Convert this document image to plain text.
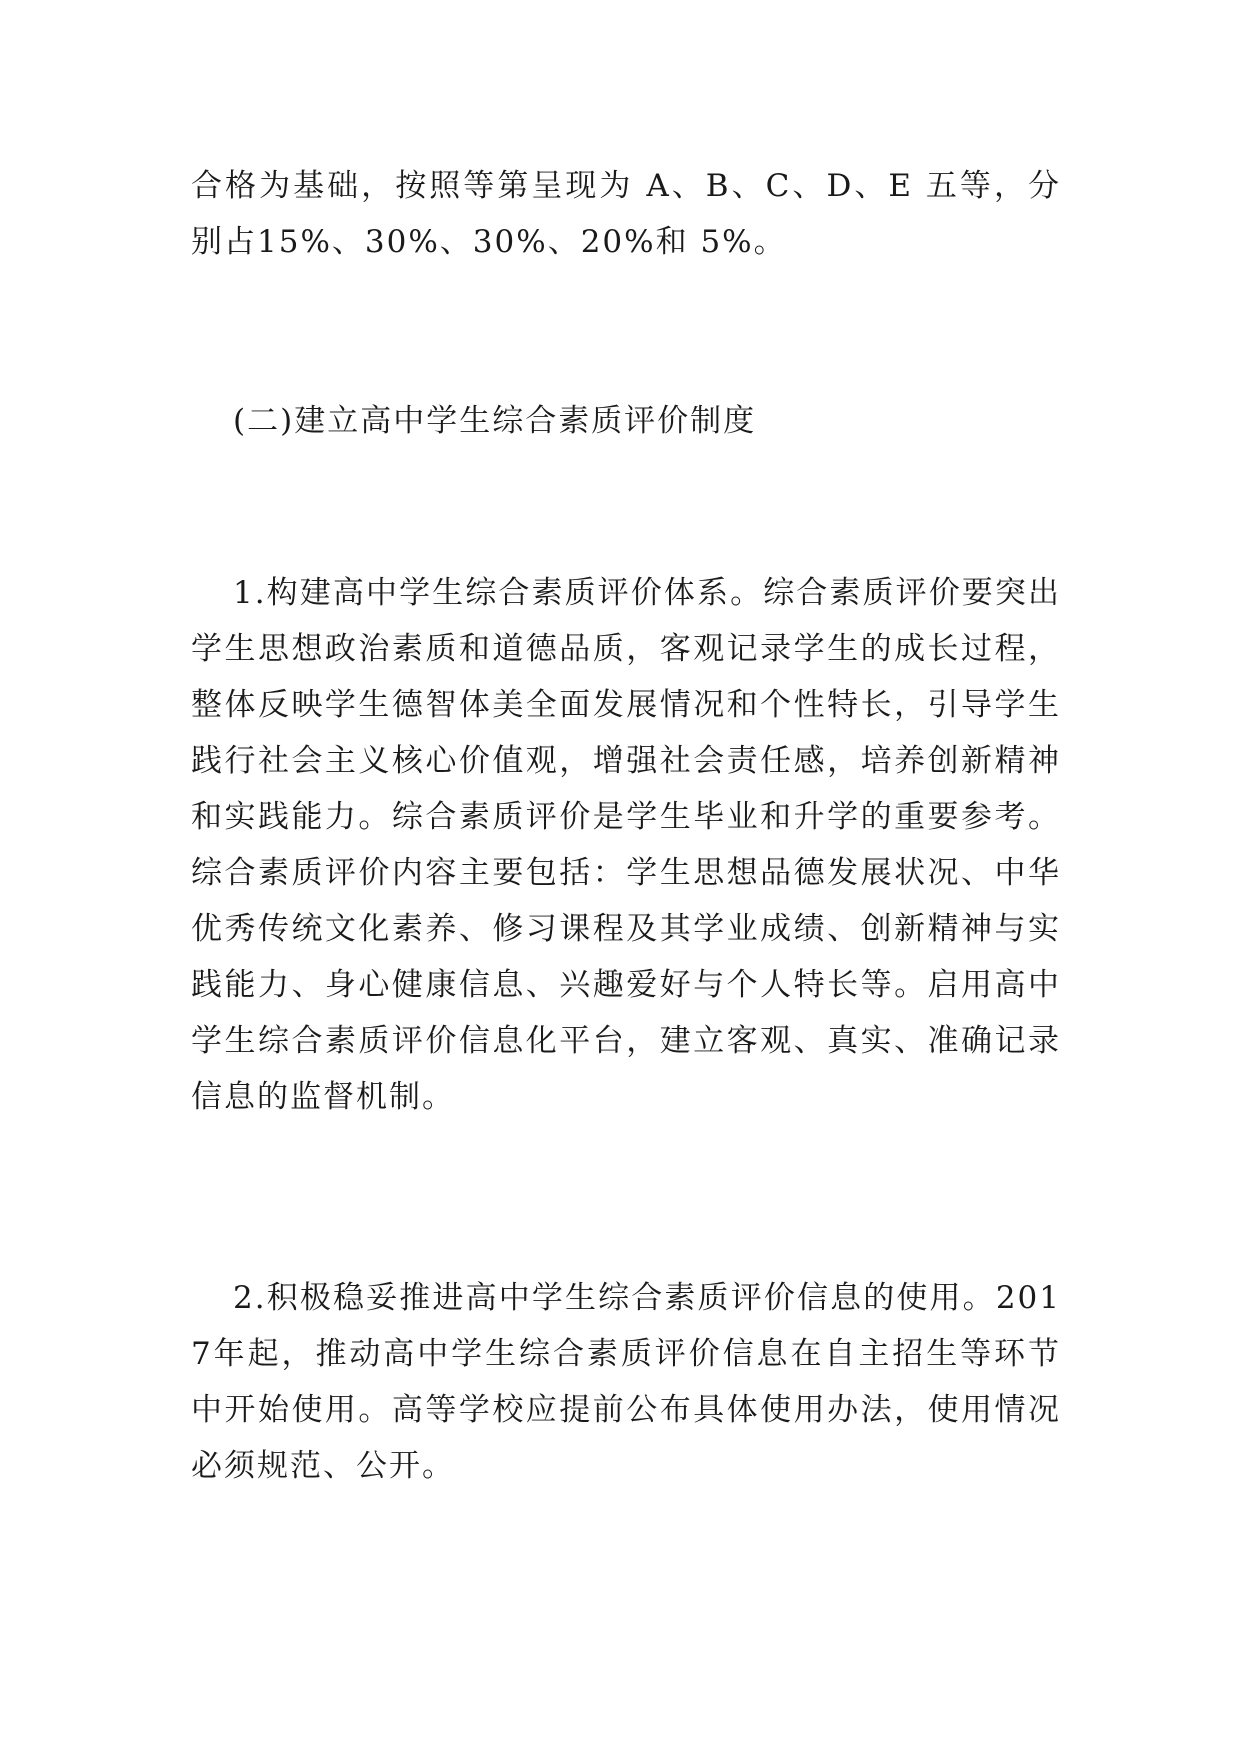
合格为基础，按照等第呈现为 A、B、C、D、E 五等，分别占15%、30%、30%、20%和 5%。

(二)建立高中学生综合素质评价制度

1.构建高中学生综合素质评价体系。综合素质评价要突出学生思想政治素质和道德品质，客观记录学生的成长过程，整体反映学生德智体美全面发展情况和个性特长，引导学生践行社会主义核心价值观，增强社会责任感，培养创新精神和实践能力。综合素质评价是学生毕业和升学的重要参考。综合素质评价内容主要包括：学生思想品德发展状况、中华优秀传统文化素养、修习课程及其学业成绩、创新精神与实践能力、身心健康信息、兴趣爱好与个人特长等。启用高中学生综合素质评价信息化平台，建立客观、真实、准确记录信息的监督机制。

2.积极稳妥推进高中学生综合素质评价信息的使用。2017年起，推动高中学生综合素质评价信息在自主招生等环节中开始使用。高等学校应提前公布具体使用办法，使用情况必须规范、公开。
